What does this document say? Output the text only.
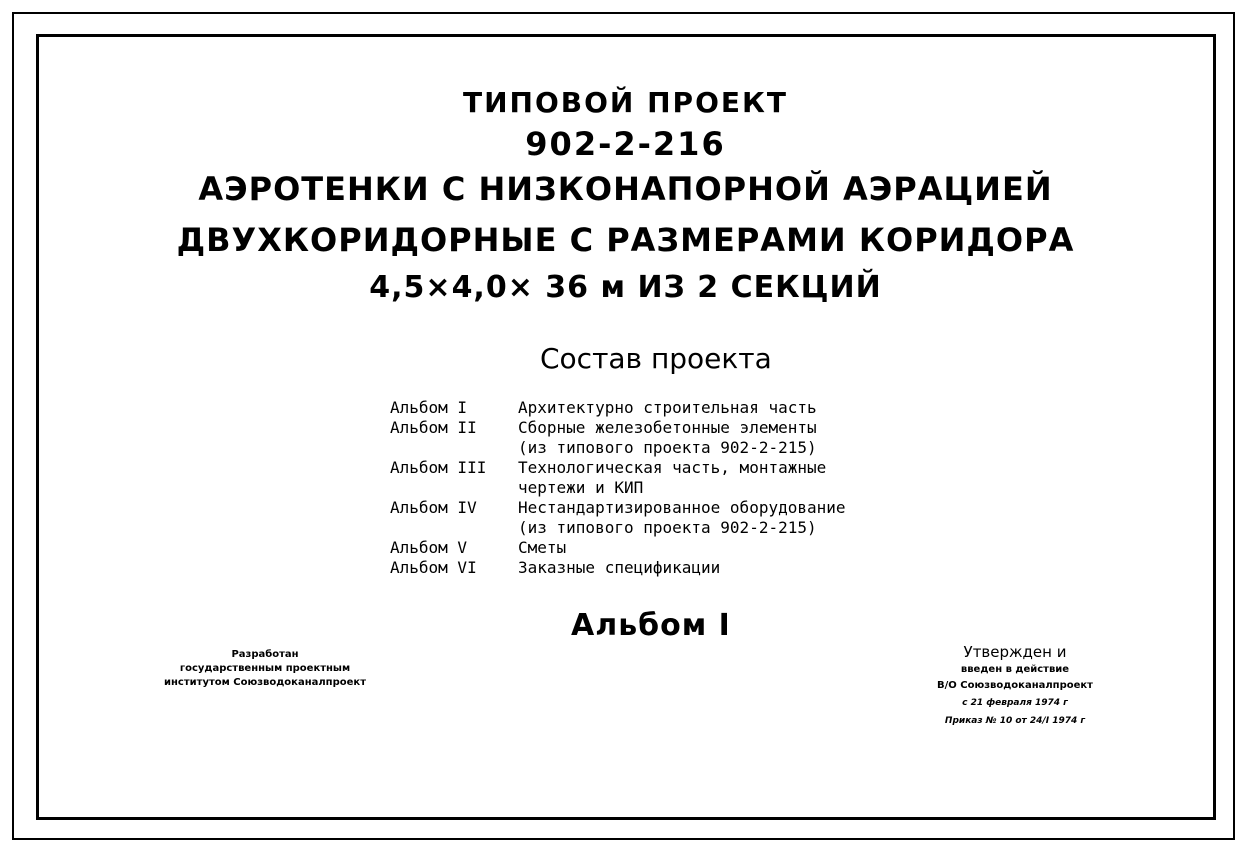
ТИПОВОЙ ПРОЕКТ
902-2-216
АЭРОТЕНКИ С НИЗКОНАПОРНОЙ АЭРАЦИЕЙ
ДВУХКОРИДОРНЫЕ С РАЗМЕРАМИ КОРИДОРА
4,5×4,0× 36 м ИЗ 2 СЕКЦИЙ
Состав проекта
Альбом I	Архитектурно строительная часть
Альбом II	Сборные железобетонные элементы
(из типового проекта 902-2-215)
Альбом III	Технологическая часть, монтажные
чертежи и КИП
Альбом IV	Нестандартизированное оборудование
(из типового проекта 902-2-215)
Альбом V	Сметы
Альбом VI	Заказные спецификации
Альбом I
Разработан
государственным проектным
институтом Союзводоканалпроект
Утвержден и
введен в действие
В/О Союзводоканалпроект
с 21 февраля 1974 г
Приказ № 10 от 24/I 1974 г
